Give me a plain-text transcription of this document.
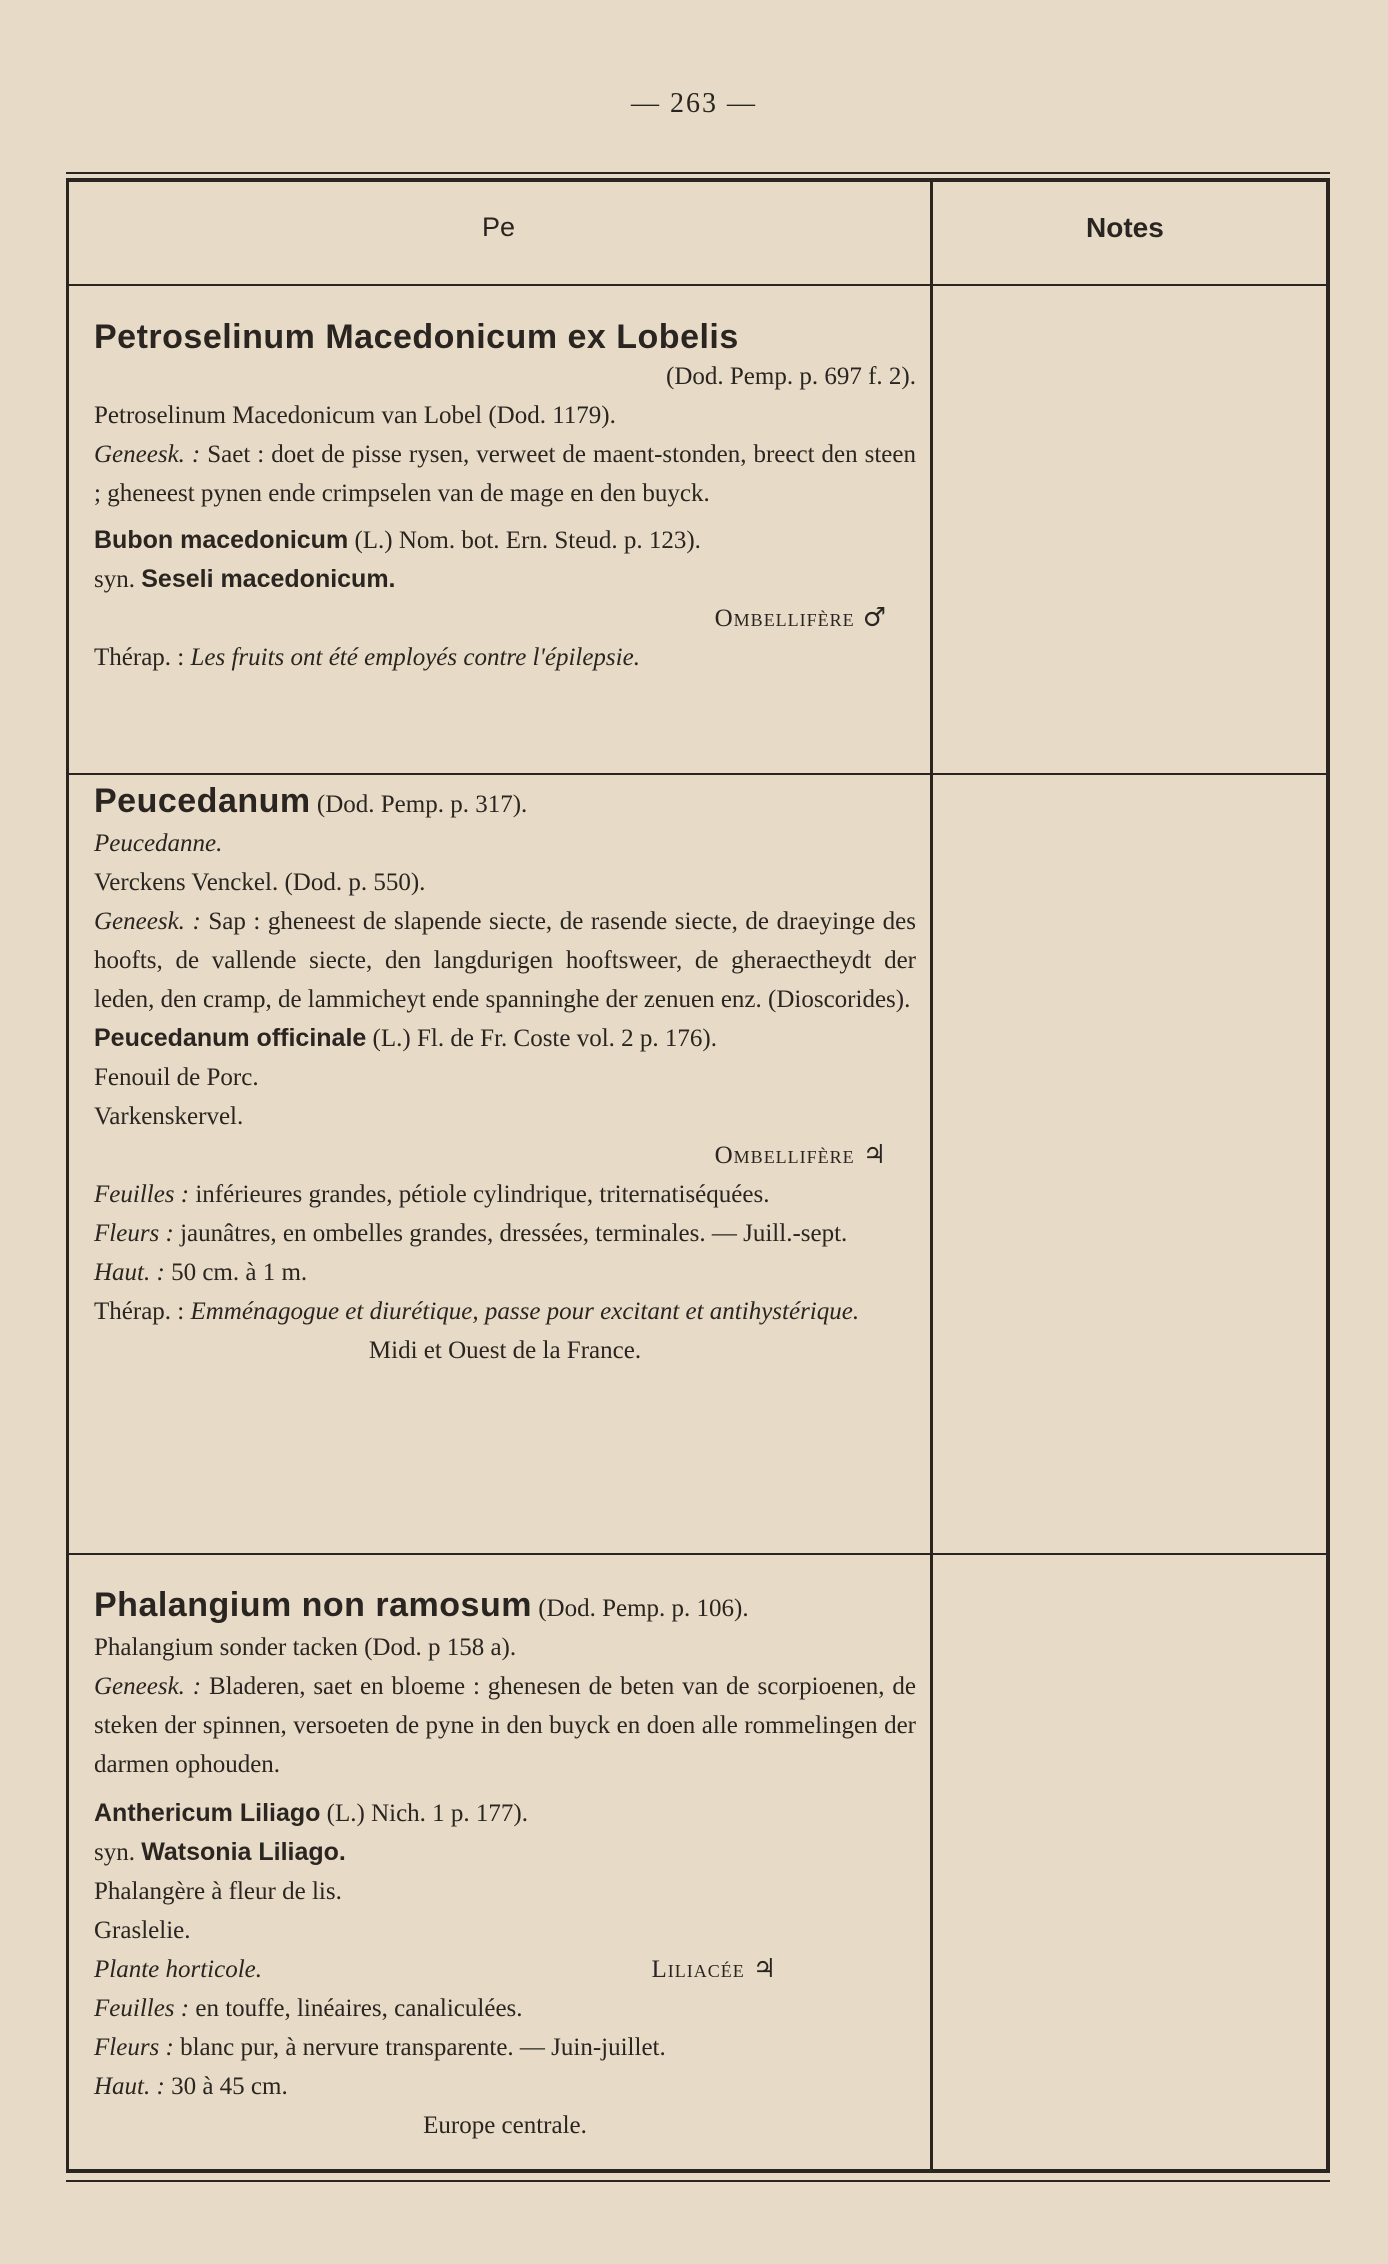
— 263 —
Pe	Notes

Petroselinum Macedonicum ex Lobelis

(Dod. Pemp. p. 697 f. 2).

Petroselinum Macedonicum van Lobel (Dod. 1179).

Geneesk. : Saet : doet de pisse rysen, verweet de maent-stonden, breect den steen ; gheneest pynen ende crimpselen van de mage en den buyck.

Bubon macedonicum (L.) Nom. bot. Ern. Steud. p. 123).

syn. Seseli macedonicum.

Ombellifère ♂

Thérap. : Les fruits ont été employés contre l'épilepsie.

Peucedanum (Dod. Pemp. p. 317).

Peucedanne.

Verckens Venckel. (Dod. p. 550).

Geneesk. : Sap : gheneest de slapende siecte, de rasende siecte, de draeyinge des hoofts, de vallende siecte, den langdurigen hooftsweer, de gheraectheydt der leden, den cramp, de lammicheyt ende spanninghe der zenuen enz. (Dioscorides).

Peucedanum officinale (L.) Fl. de Fr. Coste vol. 2 p. 176).

Fenouil de Porc.

Varkenskervel.

Ombellifère ♃

Feuilles : inférieures grandes, pétiole cylindrique, triternatiséquées.

Fleurs : jaunâtres, en ombelles grandes, dressées, terminales. — Juill.-sept.

Haut. : 50 cm. à 1 m.

Thérap. : Emménagogue et diurétique, passe pour excitant et antihystérique.

Midi et Ouest de la France.

Phalangium non ramosum (Dod. Pemp. p. 106).

Phalangium sonder tacken (Dod. p 158 a).

Geneesk. : Bladeren, saet en bloeme : ghenesen de beten van de scorpioenen, de steken der spinnen, versoeten de pyne in den buyck en doen alle rommelingen der darmen ophouden.

Anthericum Liliago (L.) Nich. 1 p. 177).

syn. Watsonia Liliago.

Phalangère à fleur de lis.

Graslelie.

Plante horticole.	Liliacée ♃

Feuilles : en touffe, linéaires, canaliculées.

Fleurs : blanc pur, à nervure transparente. — Juin-juillet.

Haut. : 30 à 45 cm.

Europe centrale.
